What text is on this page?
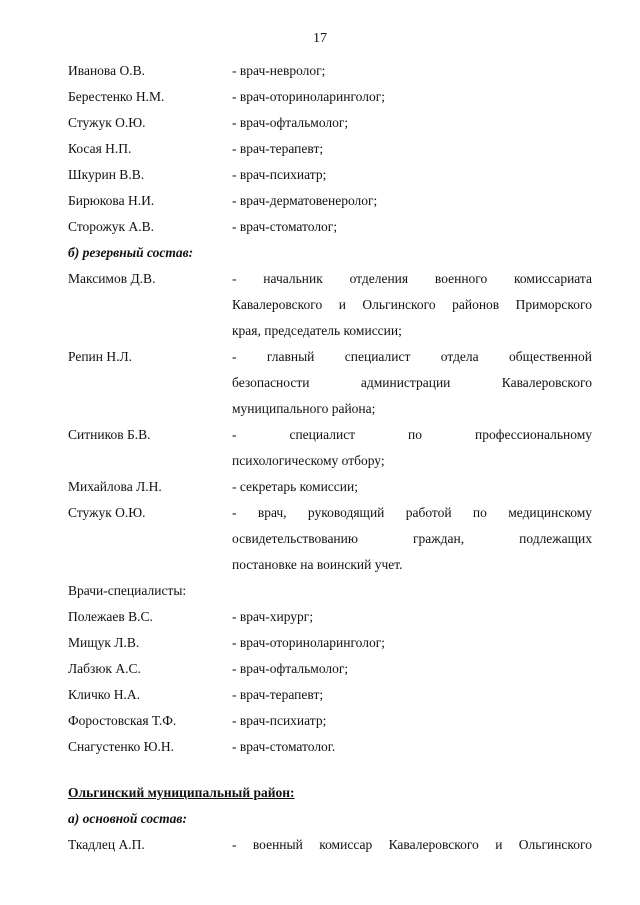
17
Иванова О.В.	- врач-невролог;
Берестенко Н.М.	- врач-оториноларинголог;
Стужук О.Ю.	- врач-офтальмолог;
Косая Н.П.	- врач-терапевт;
Шкурин В.В.	- врач-психиатр;
Бирюкова Н.И.	- врач-дерматовенеролог;
Сторожук А.В.	- врач-стоматолог;
б) резервный состав:
Максимов Д.В.	- начальник отделения военного комиссариата
Кавалеровского и Ольгинского районов Приморского
края, председатель комиссии;
Репин Н.Л.	- главный специалист отдела общественной
безопасности администрации Кавалеровского
муниципального района;
Ситников Б.В.	- специалист по профессиональному
психологическому отбору;
Михайлова Л.Н.	- секретарь комиссии;
Стужук О.Ю.	- врач, руководящий работой по медицинскому
освидетельствованию граждан, подлежащих
постановке на воинский учет.
Врачи-специалисты:
Полежаев В.С.	- врач-хирург;
Мищук Л.В.	- врач-оториноларинголог;
Лабзюк А.С.	- врач-офтальмолог;
Кличко Н.А.	- врач-терапевт;
Форостовская Т.Ф.	- врач-психиатр;
Снагустенко Ю.Н.	- врач-стоматолог.
Ольгинский муниципальный район:
а) основной состав:
Ткадлец А.П.	- военный комиссар Кавалеровского и Ольгинского
